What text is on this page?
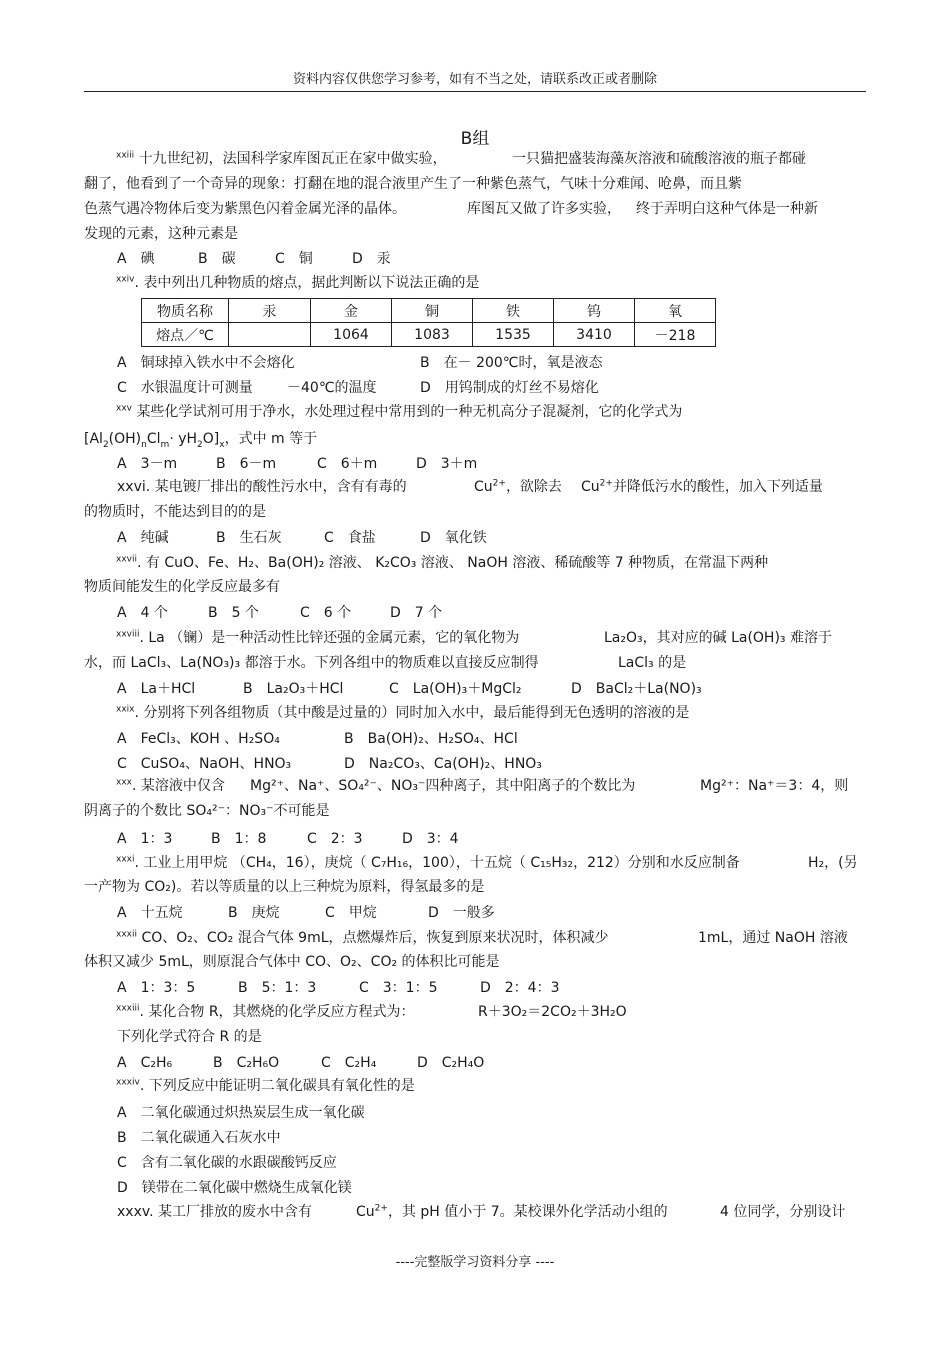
资料内容仅供您学习参考，如有不当之处，请联系改正或者删除
B组
$^{xxiii}$ 十九世纪初，法国科学家库图瓦正在家中做实验，	一只猫把盛装海藻灰溶液和硫酸溶液的瓶子都碰
翻了，他看到了一个奇异的现象：打翻在地的混合液里产生了一种紫色蒸气，气味十分难闻、呛鼻，而且紫
色蒸气遇冷物体后变为紫黑色闪着金属光泽的晶体。	库图瓦又做了许多实验， 终于弄明白这种气体是一种新
发现的元素，这种元素是
A　碘	B　碳	C　铜	D　汞
$^{xxiv}$. 表中列出几种物质的熔点，据此判断以下说法正确的是
物质名称	汞	金	铜	铁	钨	氧
熔点／℃		1064	1083	1535	3410	－218
A　铜球掉入铁水中不会熔化	B　在－ 200℃时，氧是液态
C　水银温度计可测量 －40℃的温度	D　用钨制成的灯丝不易熔化
$^{xxv}$ 某些化学试剂可用于净水，水处理过程中常用到的一种无机高分子混凝剂，它的化学式为
$[Al_2(OH)_nCl_m\cdot yH_2O]_x$，式中 m 等于
A　3－m	B　6－m	C　6＋m	D　3＋m
xxvi. 某电镀厂排出的酸性污水中，含有有毒的	$Cu^{2+}$，欲除去 $Cu^{2+}$并降低污水的酸性，加入下列适量
的物质时，不能达到目的的是
A　纯碱	B　生石灰	C　食盐	D　氧化铁
$^{xxvii}$. 有 CuO、Fe、H₂、Ba(OH)₂ 溶液、 K₂CO₃ 溶液、 NaOH 溶液、稀硫酸等 7 种物质，在常温下两种
物质间能发生的化学反应最多有
A　4 个	B　5 个	C　6 个	D　7 个
$^{xxviii}$. La （镧）是一种活动性比锌还强的金属元素，它的氧化物为	La₂O₃，其对应的碱 La(OH)₃ 难溶于
水，而 LaCl₃、La(NO₃)₃ 都溶于水。下列各组中的物质难以直接反应制得	LaCl₃ 的是
A　La＋HCl	B　La₂O₃＋HCl	C　La(OH)₃＋MgCl₂	D　BaCl₂＋La(NO)₃
$^{xxix}$. 分别将下列各组物质（其中酸是过量的）同时加入水中，最后能得到无色透明的溶液的是
A　FeCl₃、KOH 、H₂SO₄	B　Ba(OH)₂、H₂SO₄、HCl
C　CuSO₄、NaOH、HNO₃	D　Na₂CO₃、Ca(OH)₂、HNO₃
$^{xxx}$. 某溶液中仅含 Mg²⁺、Na⁺、SO₄²⁻、NO₃⁻四种离子，其中阳离子的个数比为	Mg²⁺：Na⁺＝3：4，则
阴离子的个数比 SO₄²⁻：NO₃⁻不可能是
A　1：3	B　1：8	C　2：3	D　3：4
$^{xxxi}$. 工业上用甲烷 （CH₄，16），庚烷（ C₇H₁₆，100），十五烷（ C₁₅H₃₂，212）分别和水反应制备	H₂，(另
一产物为 CO₂)。若以等质量的以上三种烷为原料，得氢最多的是
A　十五烷	B　庚烷	C　甲烷	D　一般多
$^{xxxii}$ CO、O₂、CO₂ 混合气体 9mL，点燃爆炸后，恢复到原来状况时，体积减少	1mL，通过 NaOH 溶液
体积又减少 5mL，则原混合气体中 CO、O₂、CO₂ 的体积比可能是
A　1：3：5	B　5：1：3	C　3：1：5	D　2：4：3
$^{xxxiii}$. 某化合物 R，其燃烧的化学反应方程式为：	R＋3O₂＝2CO₂＋3H₂O
下列化学式符合 R 的是
A　C₂H₆	B　C₂H₆O	C　C₂H₄	D　C₂H₄O
$^{xxxiv}$. 下列反应中能证明二氧化碳具有氧化性的是
A　二氧化碳通过炽热炭层生成一氧化碳
B　二氧化碳通入石灰水中
C　含有二氧化碳的水跟碳酸钙反应
D　镁带在二氧化碳中燃烧生成氧化镁
xxxv. 某工厂排放的废水中含有	$Cu^{2+}$，其 pH 值小于 7。某校课外化学活动小组的	4 位同学，分别设计
----完整版学习资料分享 ----
